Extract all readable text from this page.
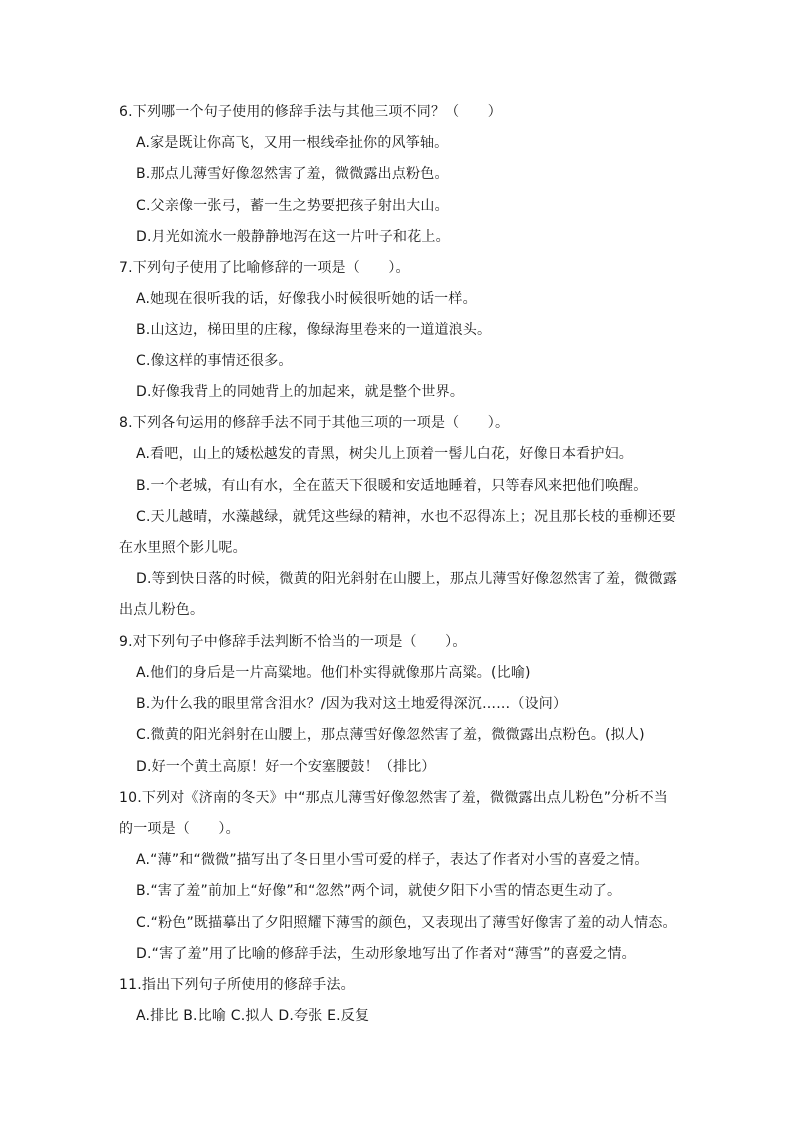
6.下列哪一个句子使用的修辞手法与其他三项不同？（　　）
A.家是既让你高飞，又用一根线牵扯你的风筝轴。
B.那点儿薄雪好像忽然害了羞，微微露出点粉色。
C.父亲像一张弓，蓄一生之势要把孩子射出大山。
D.月光如流水一般静静地泻在这一片叶子和花上。
7.下列句子使用了比喻修辞的一项是（　　）。
A.她现在很听我的话，好像我小时候很听她的话一样。
B.山这边，梯田里的庄稼，像绿海里卷来的一道道浪头。
C.像这样的事情还很多。
D.好像我背上的同她背上的加起来，就是整个世界。
8.下列各句运用的修辞手法不同于其他三项的一项是（　　）。
A.看吧，山上的矮松越发的青黑，树尖儿上顶着一髻儿白花，好像日本看护妇。
B.一个老城，有山有水，全在蓝天下很暖和安适地睡着，只等春风来把他们唤醒。
C.天儿越晴，水藻越绿，就凭这些绿的精神，水也不忍得冻上；况且那长枝的垂柳还要
在水里照个影儿呢。
D.等到快日落的时候，微黄的阳光斜射在山腰上，那点儿薄雪好像忽然害了羞，微微露
出点儿粉色。
9.对下列句子中修辞手法判断不恰当的一项是（　　）。
A.他们的身后是一片高粱地。他们朴实得就像那片高粱。(比喻)
B.为什么我的眼里常含泪水？/因为我对这土地爱得深沉……（设问）
C.微黄的阳光斜射在山腰上，那点薄雪好像忽然害了羞，微微露出点粉色。(拟人)
D.好一个黄土高原！好一个安塞腰鼓！（排比）
10.下列对《济南的冬天》中“那点儿薄雪好像忽然害了羞，微微露出点儿粉色”分析不当
的一项是（　　）。
A.“薄”和“微微”描写出了冬日里小雪可爱的样子，表达了作者对小雪的喜爱之情。
B.“害了羞”前加上“好像”和“忽然”两个词，就使夕阳下小雪的情态更生动了。
C.“粉色”既描摹出了夕阳照耀下薄雪的颜色，又表现出了薄雪好像害了羞的动人情态。
D.“害了羞”用了比喻的修辞手法，生动形象地写出了作者对“薄雪”的喜爱之情。
11.指出下列句子所使用的修辞手法。
A.排比 B.比喻 C.拟人 D.夸张 E.反复
